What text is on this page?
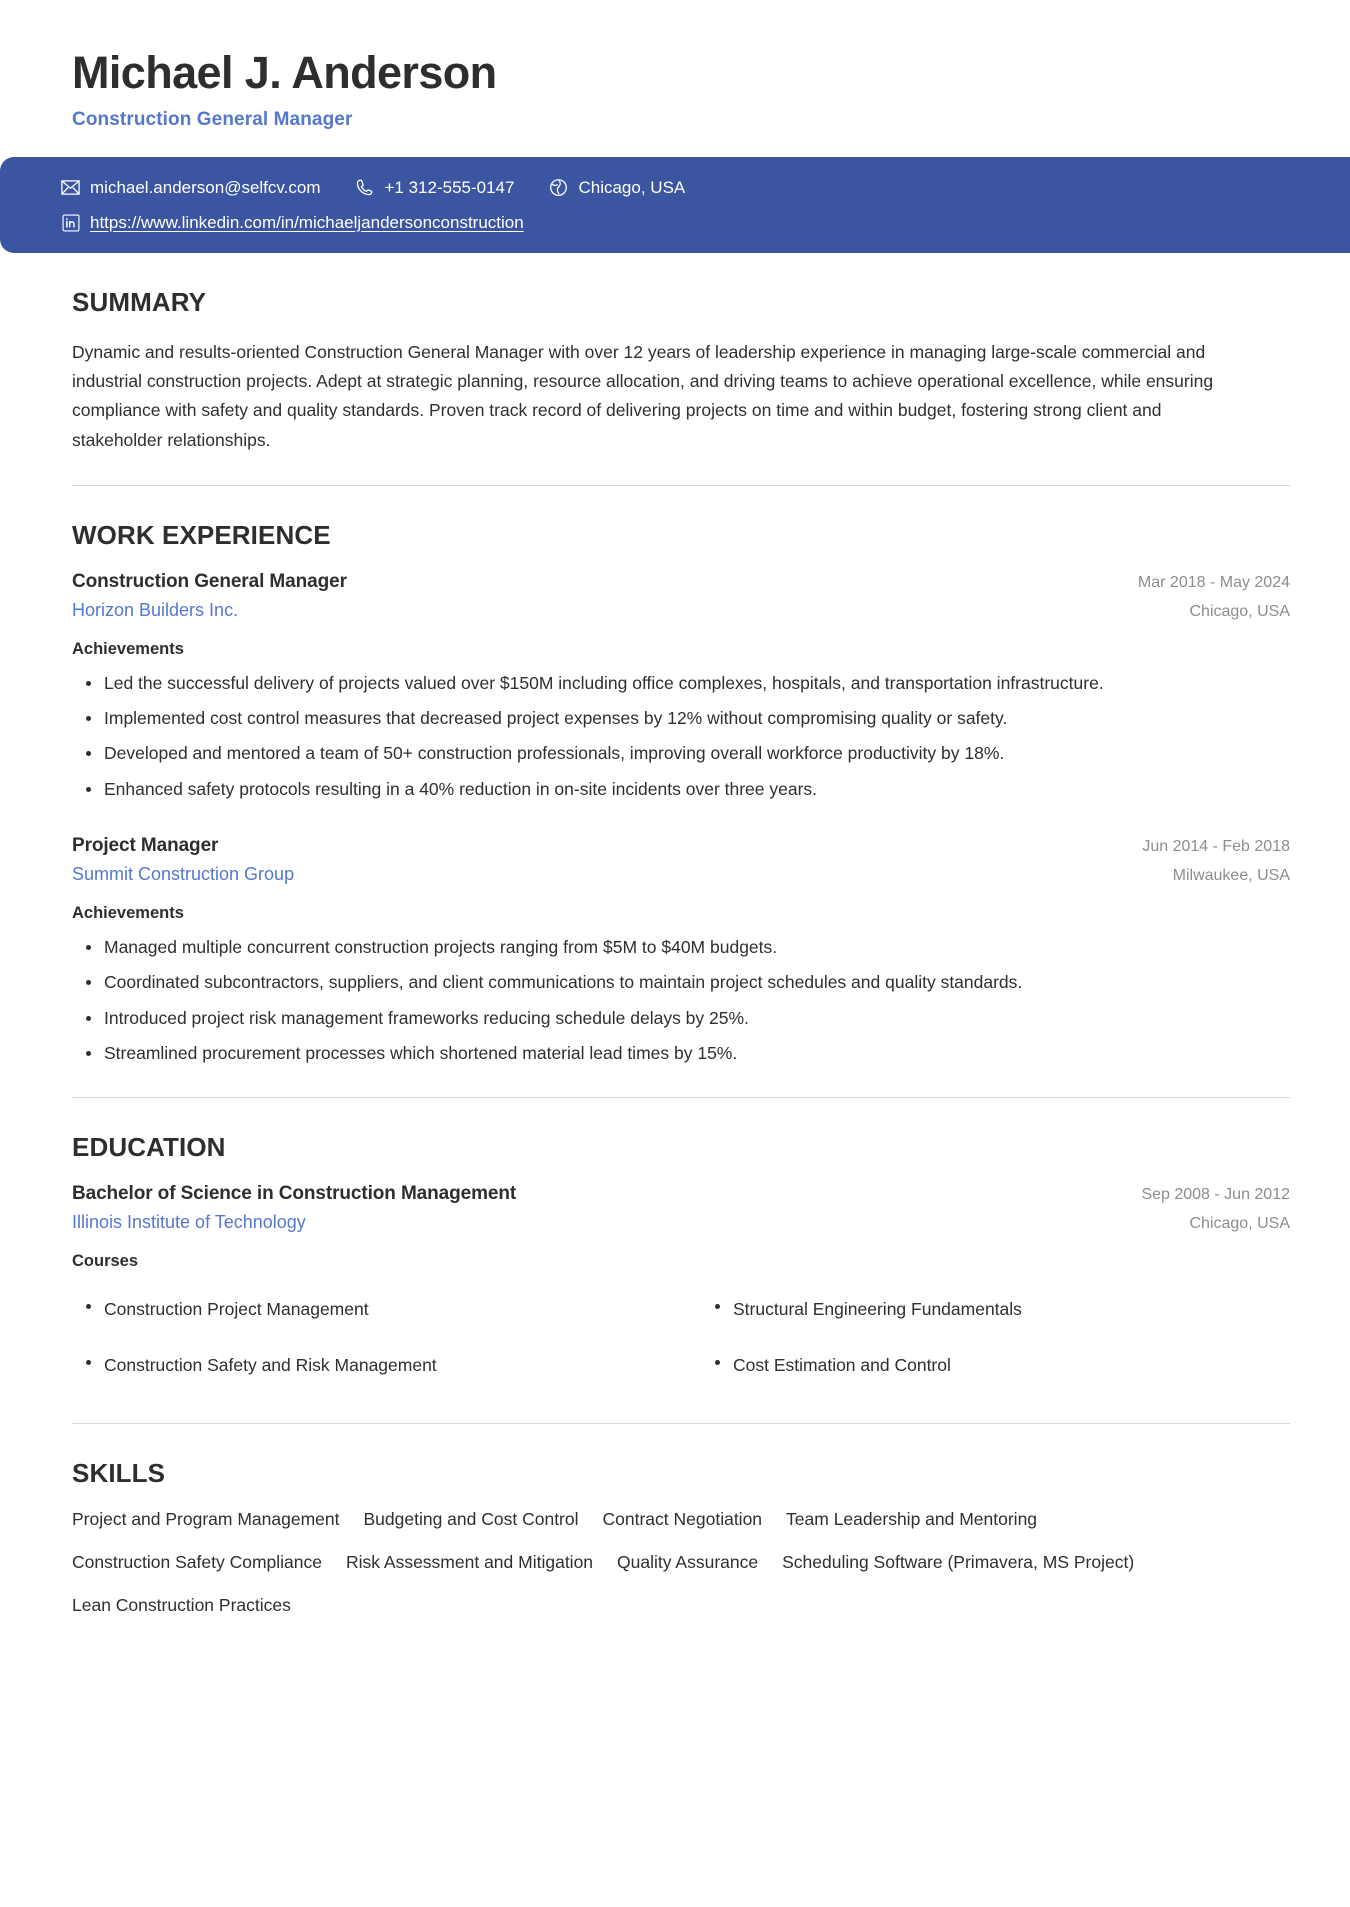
Michael J. Anderson
Construction General Manager
michael.anderson@selfcv.com	+1 312-555-0147	Chicago, USA
https://www.linkedin.com/in/michaeljandersonconstruction
SUMMARY
Dynamic and results-oriented Construction General Manager with over 12 years of leadership experience in managing large-scale commercial and industrial construction projects. Adept at strategic planning, resource allocation, and driving teams to achieve operational excellence, while ensuring compliance with safety and quality standards. Proven track record of delivering projects on time and within budget, fostering strong client and stakeholder relationships.
WORK EXPERIENCE
Construction General Manager	Mar 2018 - May 2024
Horizon Builders Inc.	Chicago, USA
Achievements
Led the successful delivery of projects valued over $150M including office complexes, hospitals, and transportation infrastructure.
Implemented cost control measures that decreased project expenses by 12% without compromising quality or safety.
Developed and mentored a team of 50+ construction professionals, improving overall workforce productivity by 18%.
Enhanced safety protocols resulting in a 40% reduction in on-site incidents over three years.
Project Manager	Jun 2014 - Feb 2018
Summit Construction Group	Milwaukee, USA
Achievements
Managed multiple concurrent construction projects ranging from $5M to $40M budgets.
Coordinated subcontractors, suppliers, and client communications to maintain project schedules and quality standards.
Introduced project risk management frameworks reducing schedule delays by 25%.
Streamlined procurement processes which shortened material lead times by 15%.
EDUCATION
Bachelor of Science in Construction Management	Sep 2008 - Jun 2012
Illinois Institute of Technology	Chicago, USA
Courses
Construction Project Management	Structural Engineering Fundamentals
Construction Safety and Risk Management	Cost Estimation and Control
SKILLS
Project and Program Management Budgeting and Cost Control Contract Negotiation Team Leadership and Mentoring
Construction Safety Compliance Risk Assessment and Mitigation Quality Assurance Scheduling Software (Primavera, MS Project)
Lean Construction Practices
